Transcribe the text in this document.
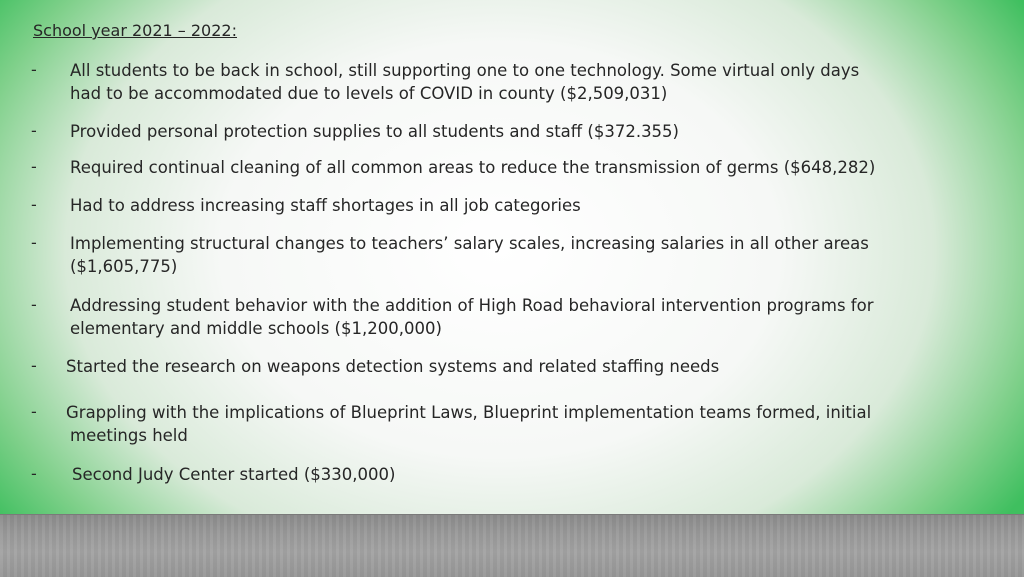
School year 2021 – 2022:
- All students to be back in school, still supporting one to one technology. Some virtual only days
had to be accommodated due to levels of COVID in county ($2,509,031)
- Provided personal protection supplies to all students and staff ($372.355)
- Required continual cleaning of all common areas to reduce the transmission of germs ($648,282)
- Had to address increasing staff shortages in all job categories
- Implementing structural changes to teachers’ salary scales, increasing salaries in all other areas
($1,605,775)
- Addressing student behavior with the addition of High Road behavioral intervention programs for
elementary and middle schools ($1,200,000)
- Started the research on weapons detection systems and related staffing needs
- Grappling with the implications of Blueprint Laws, Blueprint implementation teams formed, initial
meetings held
- Second Judy Center started ($330,000)
